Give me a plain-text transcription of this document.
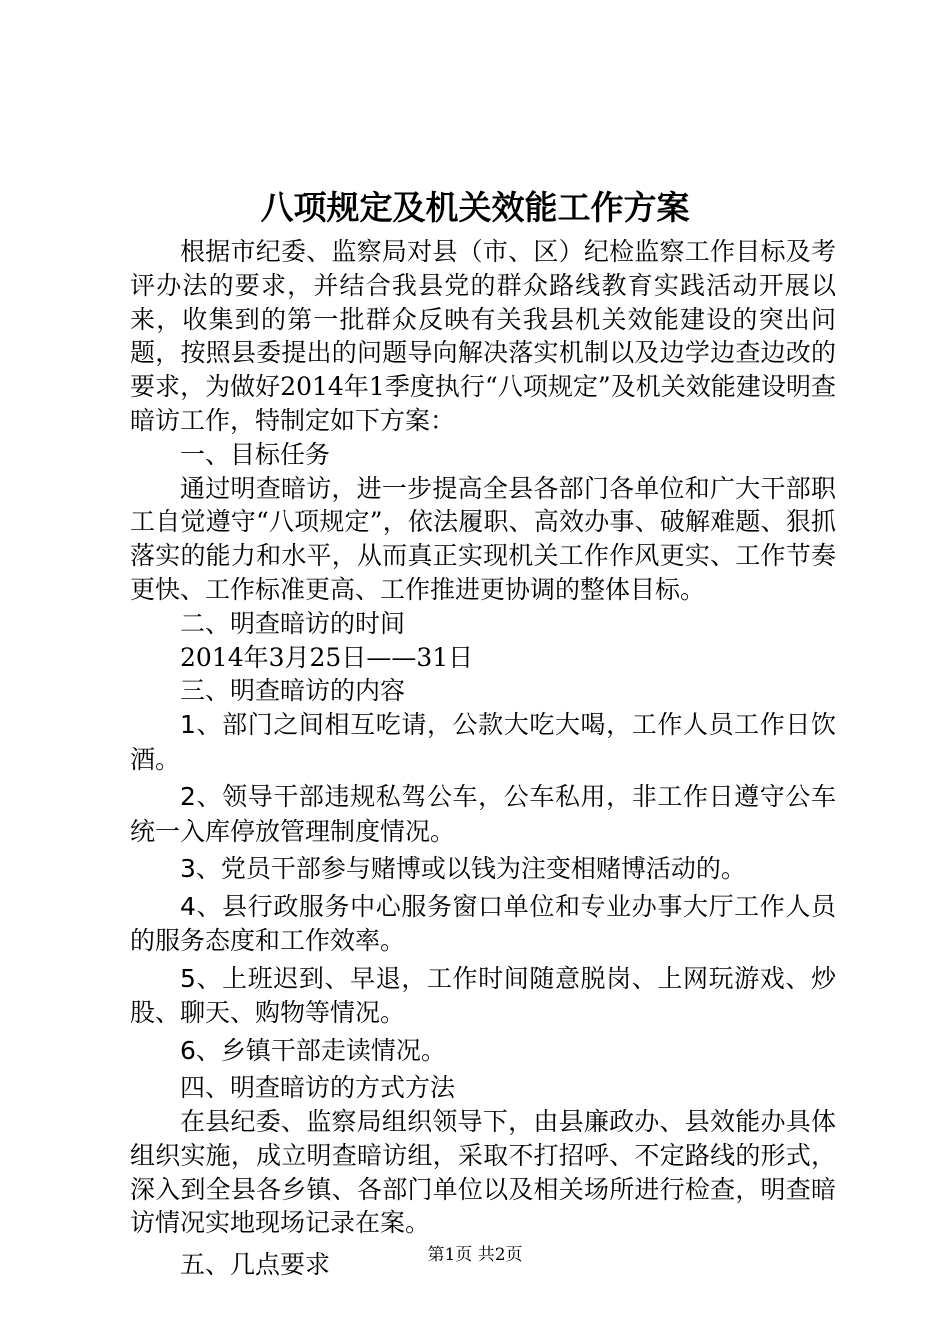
八项规定及机关效能工作方案

根据市纪委、监察局对县（市、区）纪检监察工作目标及考评办法的要求，并结合我县党的群众路线教育实践活动开展以来，收集到的第一批群众反映有关我县机关效能建设的突出问题，按照县委提出的问题导向解决落实机制以及边学边查边改的要求，为做好2014年1季度执行“八项规定”及机关效能建设明查暗访工作，特制定如下方案：

一、目标任务

通过明查暗访，进一步提高全县各部门各单位和广大干部职工自觉遵守“八项规定”，依法履职、高效办事、破解难题、狠抓落实的能力和水平，从而真正实现机关工作作风更实、工作节奏更快、工作标准更高、工作推进更协调的整体目标。

二、明查暗访的时间

2014年3月25日——31日

三、明查暗访的内容

1、部门之间相互吃请，公款大吃大喝，工作人员工作日饮酒。

2、领导干部违规私驾公车，公车私用，非工作日遵守公车统一入库停放管理制度情况。

3、党员干部参与赌博或以钱为注变相赌博活动的。

4、县行政服务中心服务窗口单位和专业办事大厅工作人员的服务态度和工作效率。

5、上班迟到、早退，工作时间随意脱岗、上网玩游戏、炒股、聊天、购物等情况。

6、乡镇干部走读情况。

四、明查暗访的方式方法

在县纪委、监察局组织领导下，由县廉政办、县效能办具体组织实施，成立明查暗访组，采取不打招呼、不定路线的形式，深入到全县各乡镇、各部门单位以及相关场所进行检查，明查暗访情况实地现场记录在案。

五、几点要求	第1页 共2页
